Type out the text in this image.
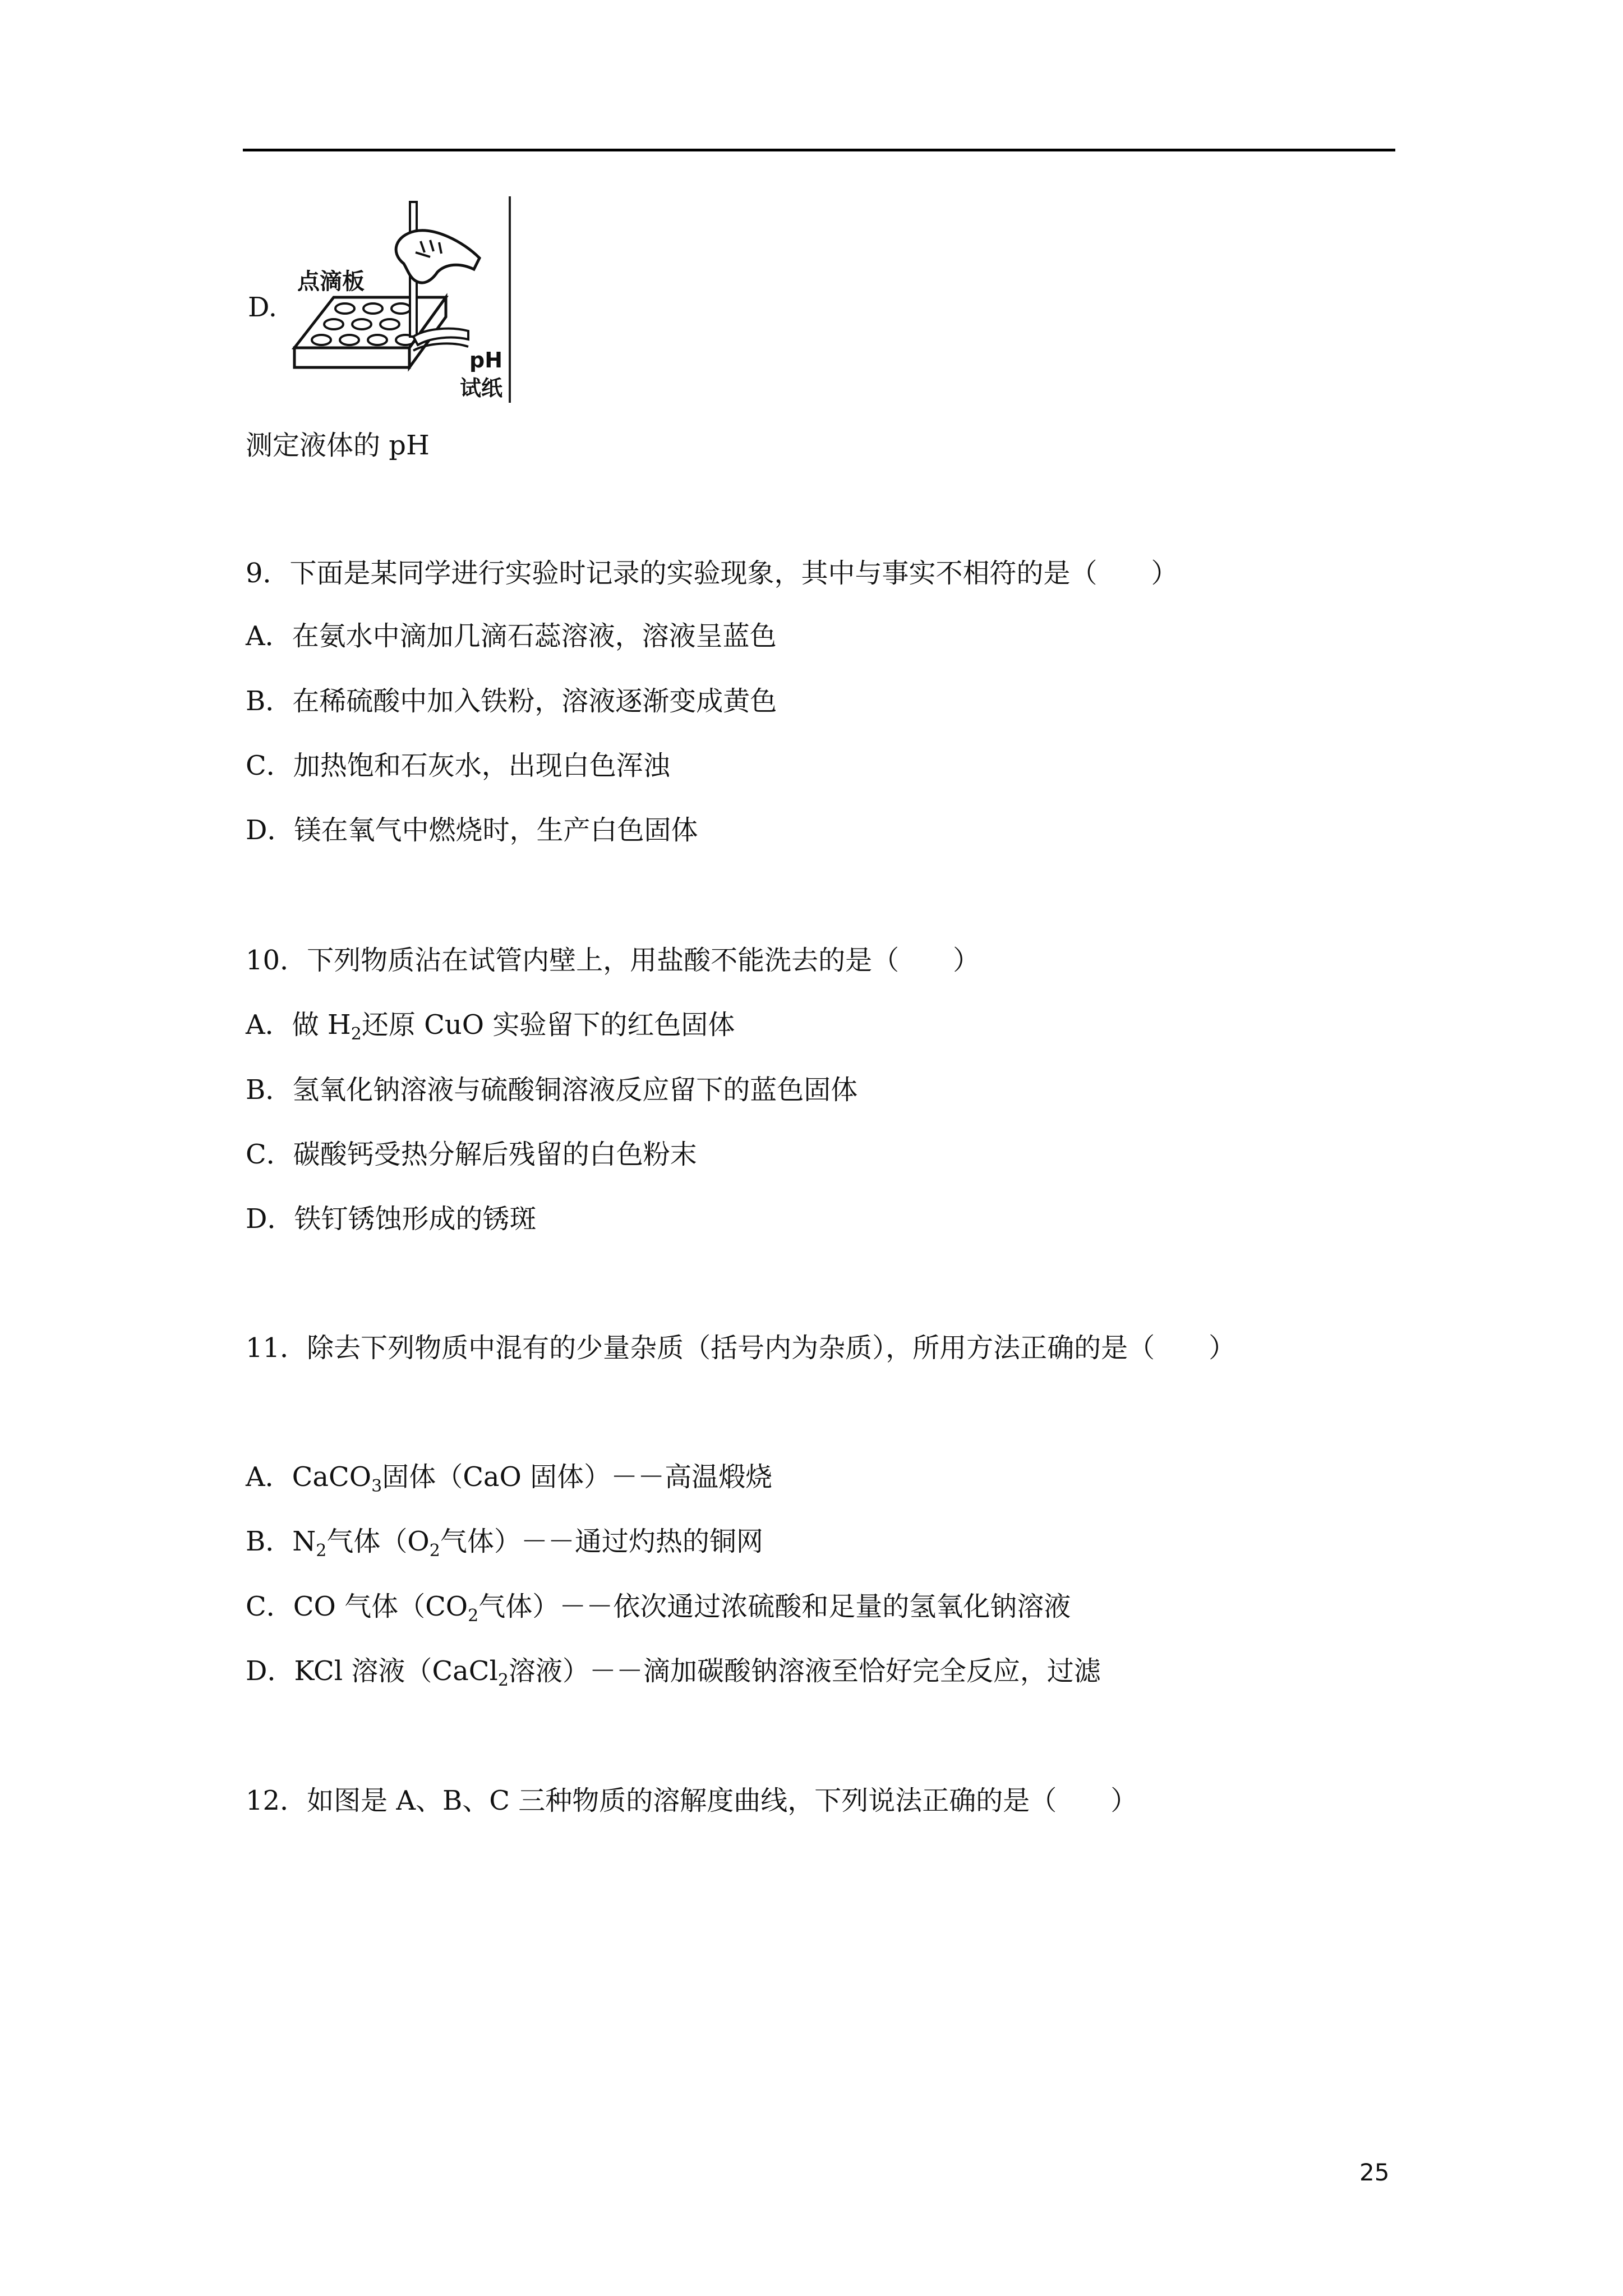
D.
点滴板
pH
试纸
测定液体的 pH
9．下面是某同学进行实验时记录的实验现象，其中与事实不相符的是（　　）
A．在氨水中滴加几滴石蕊溶液，溶液呈蓝色
B．在稀硫酸中加入铁粉，溶液逐渐变成黄色
C．加热饱和石灰水，出现白色浑浊
D．镁在氧气中燃烧时，生产白色固体
10．下列物质沾在试管内壁上，用盐酸不能洗去的是（　　）
A．做 $H_2$还原 CuO 实验留下的红色固体
B．氢氧化钠溶液与硫酸铜溶液反应留下的蓝色固体
C．碳酸钙受热分解后残留的白色粉末
D．铁钉锈蚀形成的锈斑
11．除去下列物质中混有的少量杂质（括号内为杂质），所用方法正确的是（　　）
A．CaCO$_3$固体（CaO 固体）－－高温煅烧
B．$N_2$气体（$O_2$气体）－－通过灼热的铜网
C．CO 气体（$CO_2$气体）－－依次通过浓硫酸和足量的氢氧化钠溶液
D．KCl 溶液（CaCl$_2$溶液）－－滴加碳酸钠溶液至恰好完全反应，过滤
12．如图是 A、B、C 三种物质的溶解度曲线，下列说法正确的是（　　）
25
